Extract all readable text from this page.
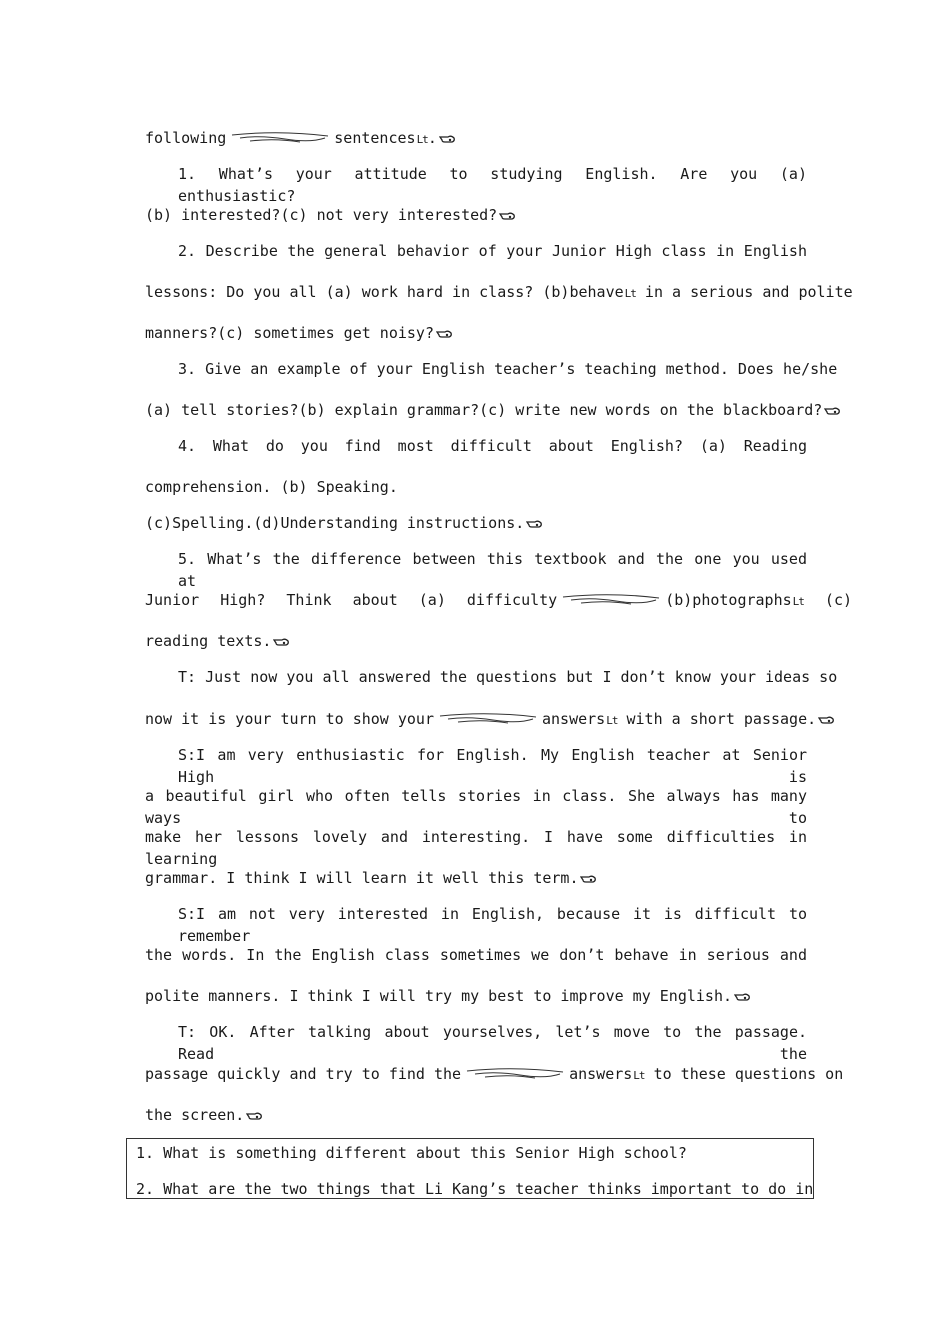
following	sentencesLt.
1. What’s your attitude to studying English. Are you (a) enthusiastic?
(b) interested?(c) not very interested?
2. Describe the general behavior of your Junior High class in English
lessons: Do you all (a) work hard in class? (b)behaveLt in a serious and polite
manners?(c) sometimes get noisy?
3. Give an example of your English teacher’s teaching method. Does he/she
(a) tell stories?(b) explain grammar?(c) write new words on the blackboard?
4. What do you find most difficult about English? (a) Reading
comprehension. (b) Speaking.
(c)Spelling.(d)Understanding instructions.
5. What’s the difference between this textbook and the one you used at
Junior High? Think about (a) difficulty	(b)photographsLt (c)
reading texts.
T: Just now you all answered the questions but I don’t know your ideas so
now it is your turn to show your	answersLt with a short passage.
S:I am very enthusiastic for English. My English teacher at Senior High is
a beautiful girl who often tells stories in class. She always has many ways to
make her lessons lovely and interesting. I have some difficulties in learning
grammar. I think I will learn it well this term.
S:I am not very interested in English, because it is difficult to remember
the words. In the English class sometimes we don’t behave in serious and
polite manners. I think I will try my best to improve my English.
T: OK. After talking about yourselves, let’s move to the passage. Read the
passage quickly and try to find the	answersLt to these questions on
the screen.
1. What is something different about this Senior High school?
2. What are the two things that Li Kang’s teacher thinks important to do in
